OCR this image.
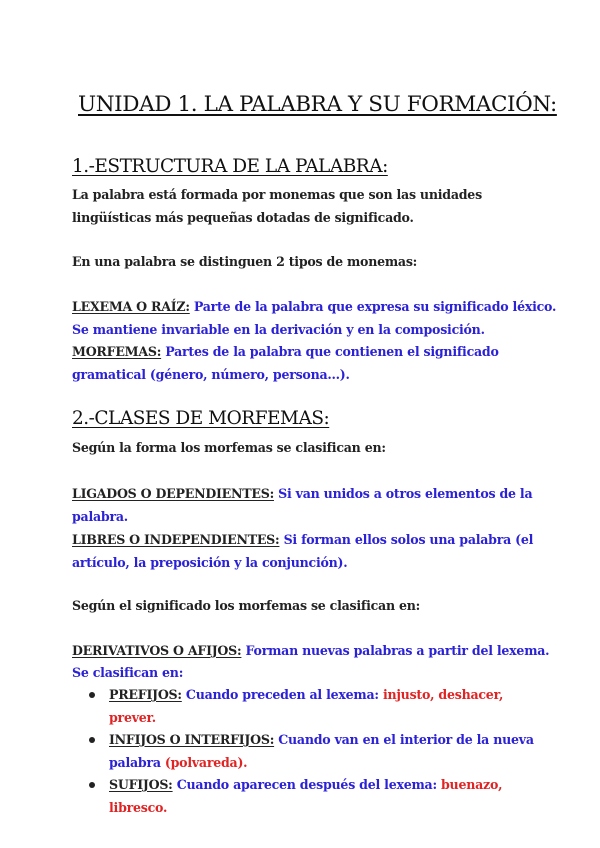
UNIDAD 1. LA PALABRA Y SU FORMACIÓN:
1.-ESTRUCTURA DE LA PALABRA:
La palabra está formada por monemas que son las unidades lingüísticas más pequeñas dotadas de significado.
En una palabra se distinguen 2 tipos de monemas:
LEXEMA O RAÍZ: Parte de la palabra que expresa su significado léxico. Se mantiene invariable en la derivación y en la composición.
MORFEMAS: Partes de la palabra que contienen el significado gramatical (género, número, persona...).
2.-CLASES DE MORFEMAS:
Según la forma los morfemas se clasifican en:
LIGADOS O DEPENDIENTES: Si van unidos a otros elementos de la palabra.
LIBRES O INDEPENDIENTES: Si forman ellos solos una palabra (el artículo, la preposición y la conjunción).
Según el significado los morfemas se clasifican en:
DERIVATIVOS O AFIJOS: Forman nuevas palabras a partir del lexema.
Se clasifican en:
PREFIJOS: Cuando preceden al lexema: injusto, deshacer, prever.
INFIJOS O INTERFIJOS: Cuando van en el interior de la nueva palabra (polvareda).
SUFIJOS: Cuando aparecen después del lexema: buenazo, libresco.
